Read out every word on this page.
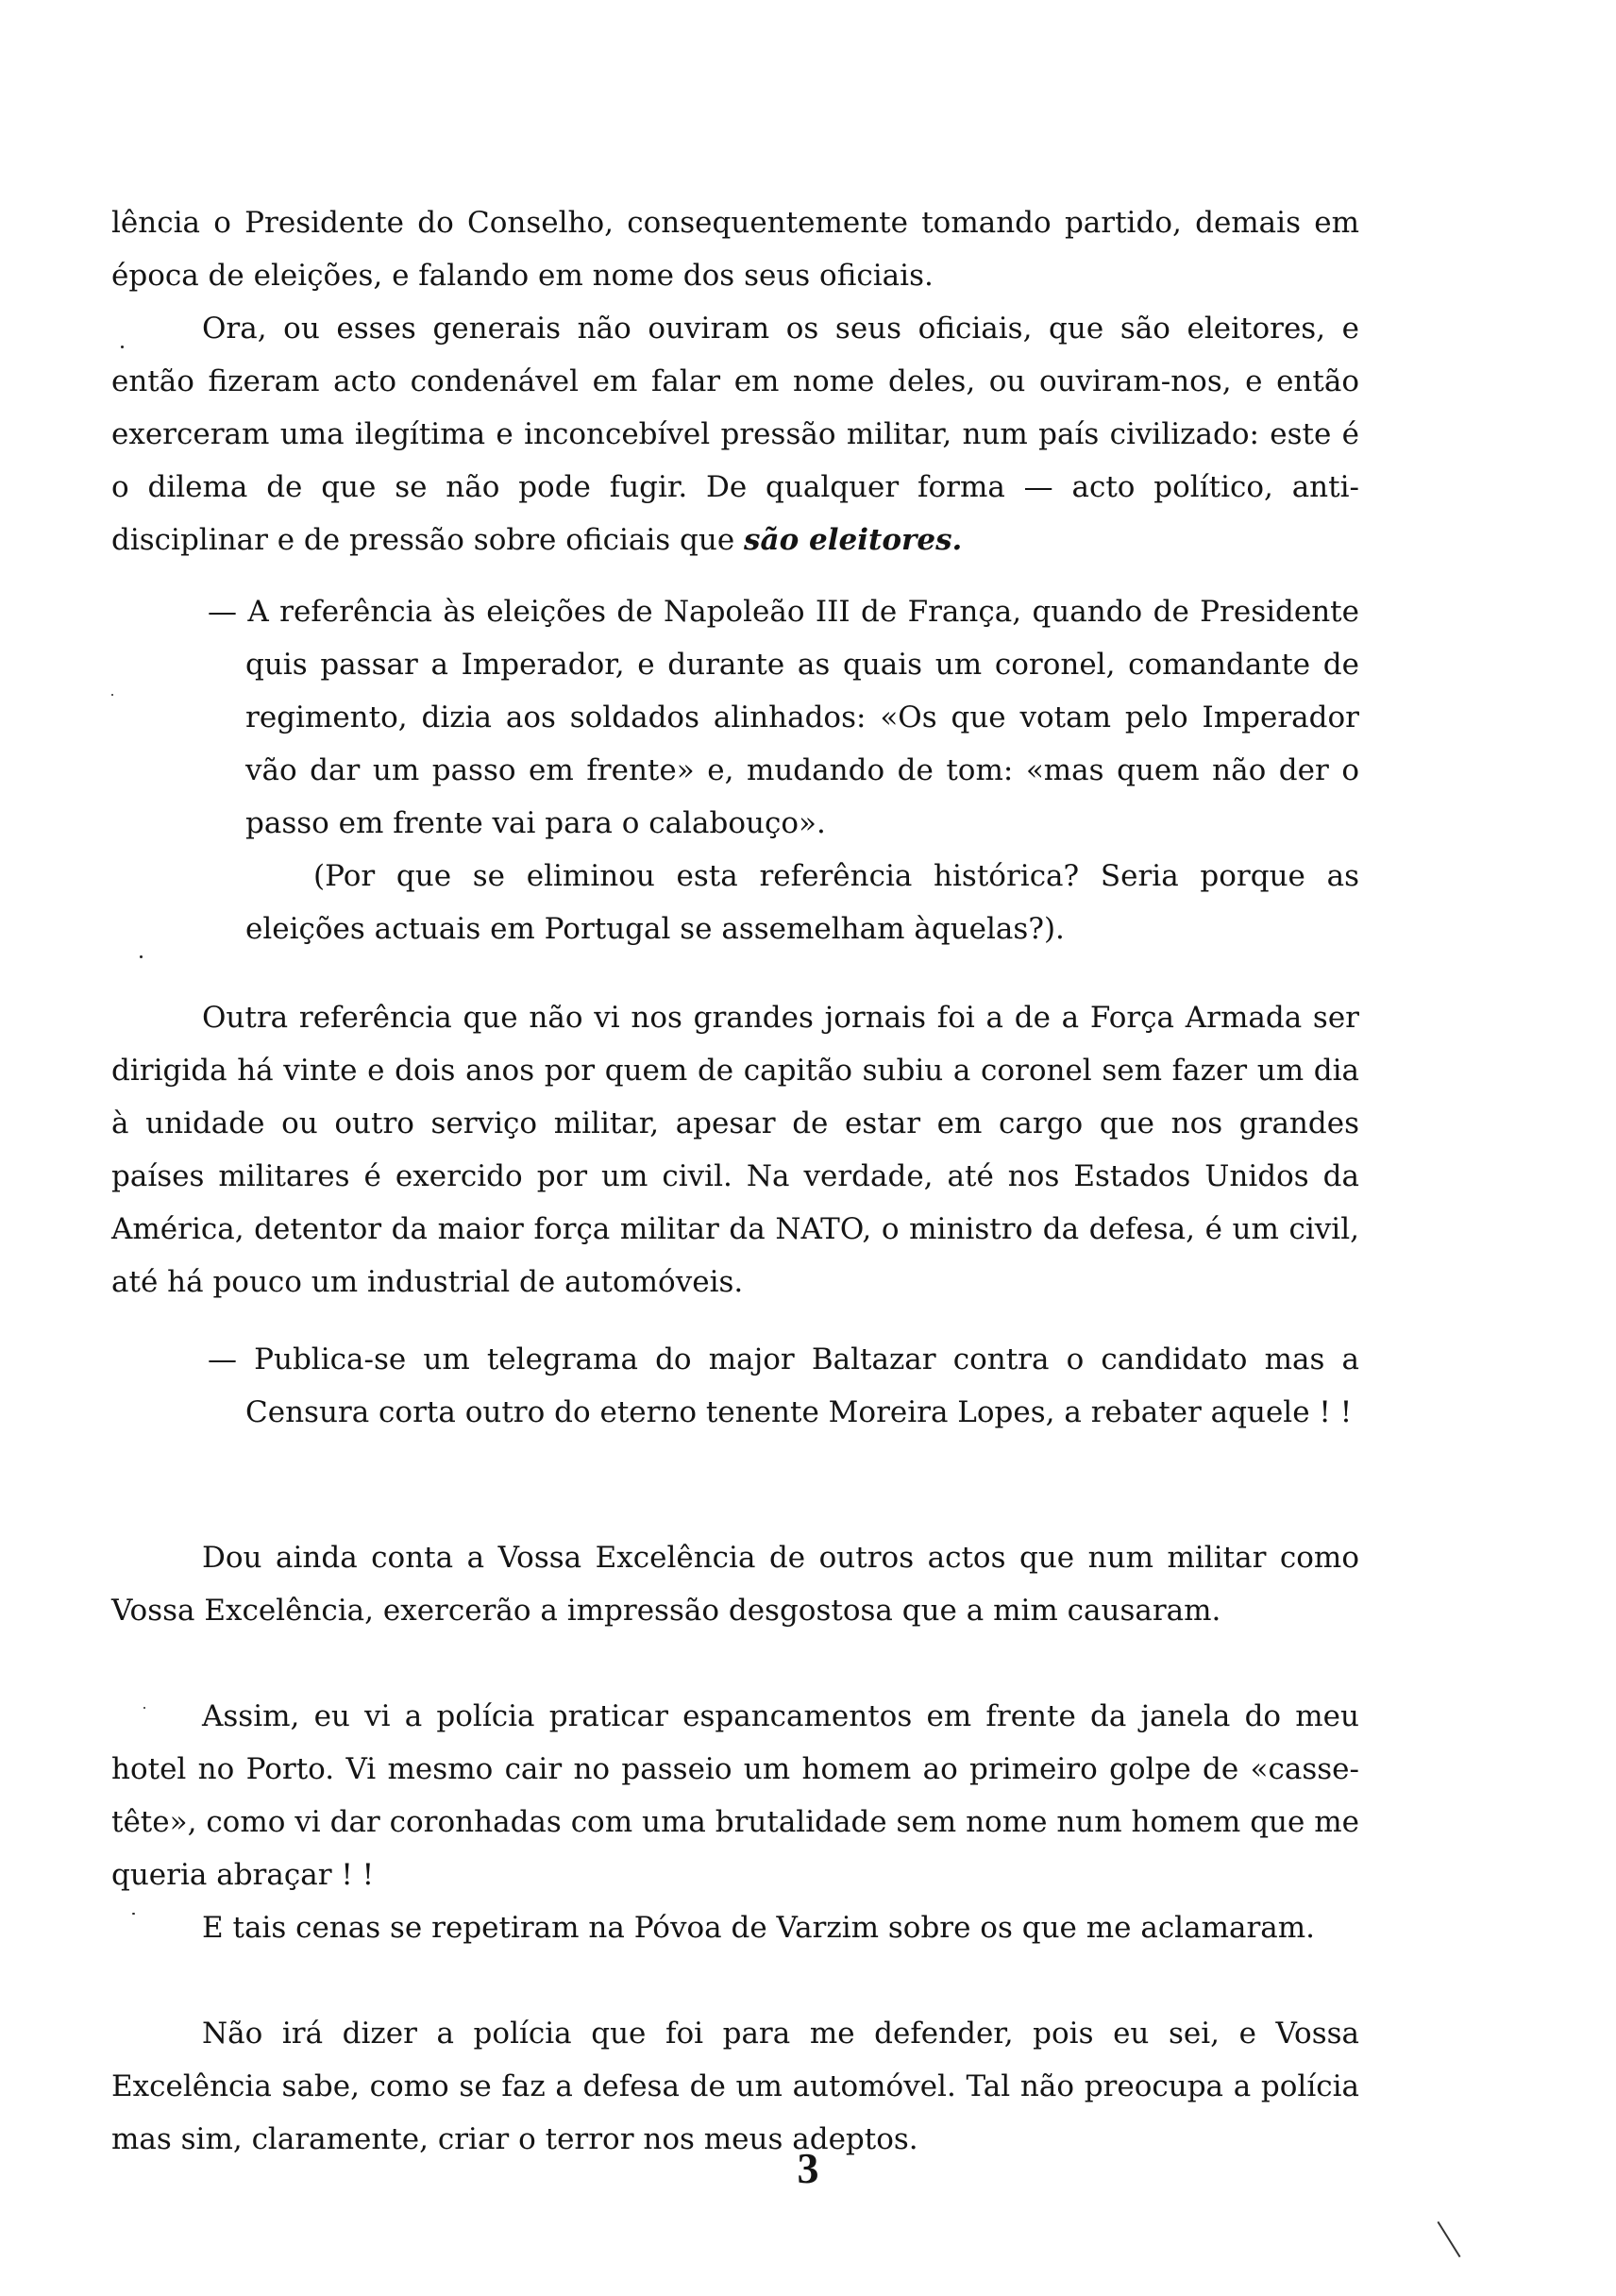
lência o Presidente do Conselho, consequentemente tomando partido, demais em época de eleições, e falando em nome dos seus oficiais.

Ora, ou esses generais não ouviram os seus oficiais, que são eleitores, e então fizeram acto condenável em falar em nome deles, ou ouviram-nos, e então exerceram uma ilegítima e inconcebível pressão militar, num país civilizado: este é o dilema de que se não pode fugir. De qualquer forma — acto político, anti-disciplinar e de pressão sobre oficiais que são eleitores.

— A referência às eleições de Napoleão III de França, quando de Presidente quis passar a Imperador, e durante as quais um coronel, comandante de regimento, dizia aos soldados alinhados: «Os que votam pelo Imperador vão dar um passo em frente» e, mudando de tom: «mas quem não der o passo em frente vai para o calabouço».

(Por que se eliminou esta referência histórica? Seria porque as eleições actuais em Portugal se assemelham àquelas?).

Outra referência que não vi nos grandes jornais foi a de a Força Armada ser dirigida há vinte e dois anos por quem de capitão subiu a coronel sem fazer um dia à unidade ou outro serviço militar, apesar de estar em cargo que nos grandes países militares é exercido por um civil. Na verdade, até nos Estados Unidos da América, detentor da maior força militar da NATO, o ministro da defesa, é um civil, até há pouco um industrial de automóveis.

— Publica-se um telegrama do major Baltazar contra o candidato mas a Censura corta outro do eterno tenente Moreira Lopes, a rebater aquele ! !

Dou ainda conta a Vossa Excelência de outros actos que num militar como Vossa Excelência, exercerão a impressão desgostosa que a mim causaram.

Assim, eu vi a polícia praticar espancamentos em frente da janela do meu hotel no Porto. Vi mesmo cair no passeio um homem ao primeiro golpe de «casse-tête», como vi dar coronhadas com uma brutalidade sem nome num homem que me queria abraçar ! !

E tais cenas se repetiram na Póvoa de Varzim sobre os que me aclamaram.

Não irá dizer a polícia que foi para me defender, pois eu sei, e Vossa Excelência sabe, como se faz a defesa de um automóvel. Tal não preocupa a polícia mas sim, claramente, criar o terror nos meus adeptos.

3
